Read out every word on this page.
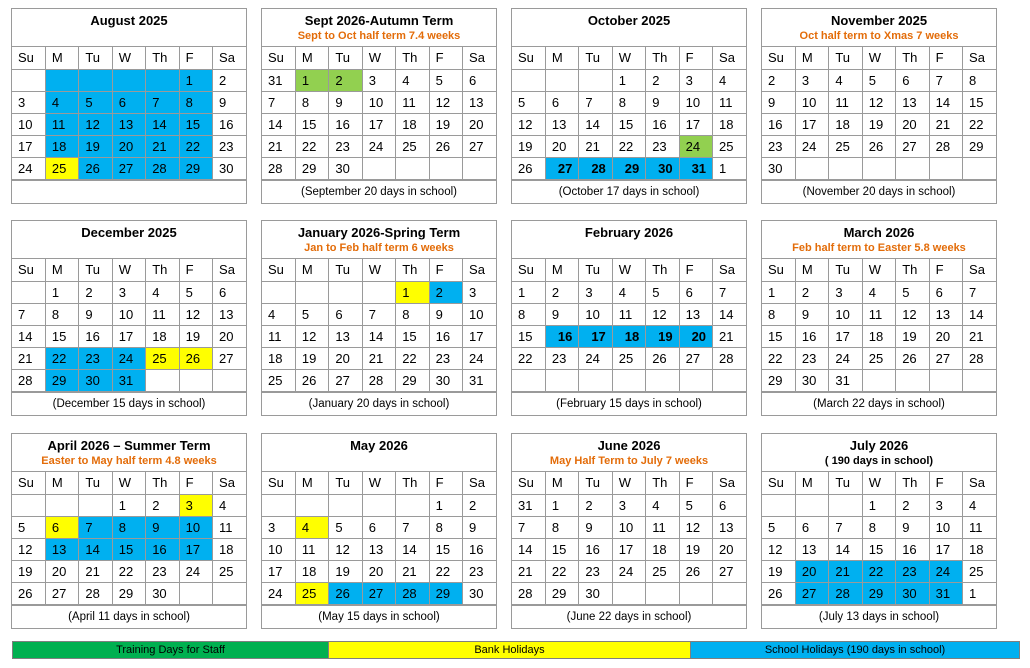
August 2025
Su	M	Tu	W	Th	F	Sa
					1	2
3	4	5	6	7	8	9
10	11	12	13	14	15	16
17	18	19	20	21	22	23
24	25	26	27	28	29	30
Sept 2026-Autumn Term
Sept to Oct half term 7.4 weeks
Su	M	Tu	W	Th	F	Sa
31	1	2	3	4	5	6
7	8	9	10	11	12	13
14	15	16	17	18	19	20
21	22	23	24	25	26	27
28	29	30				
(September 20 days in school)
October 2025
Su	M	Tu	W	Th	F	Sa
			1	2	3	4
5	6	7	8	9	10	11
12	13	14	15	16	17	18
19	20	21	22	23	24	25
26	27	28	29	30	31	1
(October 17 days in school)
November 2025
Oct half term to Xmas 7 weeks
Su	M	Tu	W	Th	F	Sa
2	3	4	5	6	7	8
9	10	11	12	13	14	15
16	17	18	19	20	21	22
23	24	25	26	27	28	29
30						
(November 20 days in school)
December 2025
Su	M	Tu	W	Th	F	Sa
	1	2	3	4	5	6
7	8	9	10	11	12	13
14	15	16	17	18	19	20
21	22	23	24	25	26	27
28	29	30	31			
(December 15 days in school)
January 2026-Spring Term
Jan to Feb half term 6 weeks
Su	M	Tu	W	Th	F	Sa
				1	2	3
4	5	6	7	8	9	10
11	12	13	14	15	16	17
18	19	20	21	22	23	24
25	26	27	28	29	30	31
(January 20 days in school)
February 2026
Su	M	Tu	W	Th	F	Sa
1	2	3	4	5	6	7
8	9	10	11	12	13	14
15	16	17	18	19	20	21
22	23	24	25	26	27	28

(February 15 days in school)
March 2026
Feb half term to Easter 5.8 weeks
Su	M	Tu	W	Th	F	Sa
1	2	3	4	5	6	7
8	9	10	11	12	13	14
15	16	17	18	19	20	21
22	23	24	25	26	27	28
29	30	31				
(March 22 days in school)
April 2026 – Summer Term
Easter to May half term 4.8 weeks
Su	M	Tu	W	Th	F	Sa
			1	2	3	4
5	6	7	8	9	10	11
12	13	14	15	16	17	18
19	20	21	22	23	24	25
26	27	28	29	30		
(April 11 days in school)
May 2026
Su	M	Tu	W	Th	F	Sa
					1	2
3	4	5	6	7	8	9
10	11	12	13	14	15	16
17	18	19	20	21	22	23
24	25	26	27	28	29	30
(May 15 days in school)
June 2026
May Half Term to July 7 weeks
Su	M	Tu	W	Th	F	Sa
31	1	2	3	4	5	6
7	8	9	10	11	12	13
14	15	16	17	18	19	20
21	22	23	24	25	26	27
28	29	30				
(June 22 days in school)
July 2026
( 190 days in school)
Su	M	Tu	W	Th	F	Sa
			1	2	3	4
5	6	7	8	9	10	11
12	13	14	15	16	17	18
19	20	21	22	23	24	25
26	27	28	29	30	31	1
(July 13 days in school)
Training Days for Staff	Bank Holidays	School Holidays (190 days in school)
